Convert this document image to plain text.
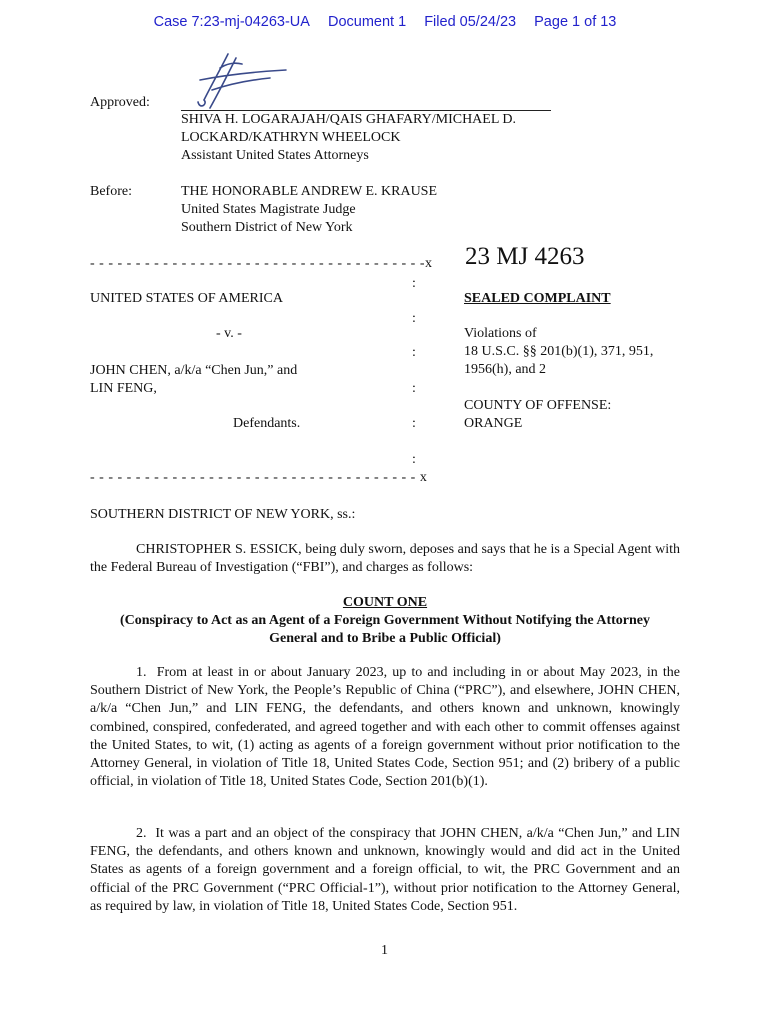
Case 7:23-mj-04263-UA Document 1 Filed 05/24/23 Page 1 of 13
Approved:
SHIVA H. LOGARAJAH/QAIS GHAFARY/MICHAEL D.
LOCKARD/KATHRYN WHEELOCK
Assistant United States Attorneys
Before:	THE HONORABLE ANDREW E. KRAUSE
United States Magistrate Judge
Southern District of New York
- - - - - - - - - - - - - - - - - - - - - - - - - - - - - - - - - - - - -x 23 MJ 4263
:
UNITED STATES OF AMERICA	SEALED COMPLAINT
:
- v. -	Violations of
:	18 U.S.C. §§ 201(b)(1), 371, 951,
JOHN CHEN, a/k/a “Chen Jun,” and	1956(h), and 2
LIN FENG,	:
COUNTY OF OFFENSE:
Defendants.	:	ORANGE
:
- - - - - - - - - - - - - - - - - - - - - - - - - - - - - - - - - - - - x
SOUTHERN DISTRICT OF NEW YORK, ss.:
CHRISTOPHER S. ESSICK, being duly sworn, deposes and says that he is a Special Agent with the Federal Bureau of Investigation (“FBI”), and charges as follows:
COUNT ONE
(Conspiracy to Act as an Agent of a Foreign Government Without Notifying the Attorney
General and to Bribe a Public Official)
1.  From at least in or about January 2023, up to and including in or about May 2023, in the Southern District of New York, the People’s Republic of China (“PRC”), and elsewhere, JOHN CHEN, a/k/a “Chen Jun,” and LIN FENG, the defendants, and others known and unknown, knowingly combined, conspired, confederated, and agreed together and with each other to commit offenses against the United States, to wit, (1) acting as agents of a foreign government without prior notification to the Attorney General, in violation of Title 18, United States Code, Section 951; and (2) bribery of a public official, in violation of Title 18, United States Code, Section 201(b)(1).
2.  It was a part and an object of the conspiracy that JOHN CHEN, a/k/a “Chen Jun,” and LIN FENG, the defendants, and others known and unknown, knowingly would and did act in the United States as agents of a foreign government and a foreign official, to wit, the PRC Government and an official of the PRC Government (“PRC Official-1”), without prior notification to the Attorney General, as required by law, in violation of Title 18, United States Code, Section 951.
1
